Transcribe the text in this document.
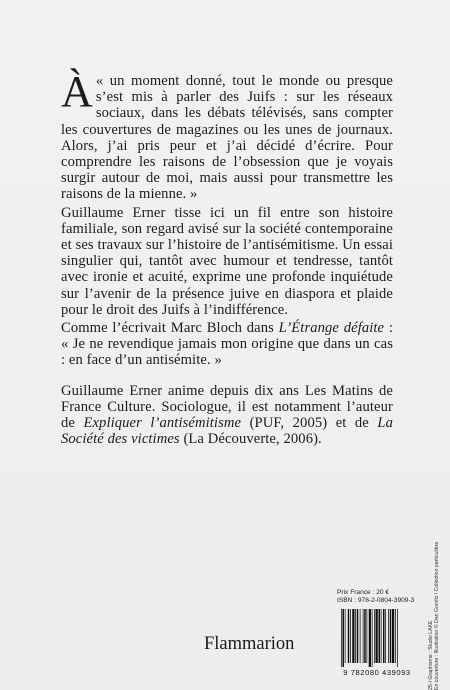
«
À un moment donné, tout le monde ou presque s’est mis à parler des Juifs : sur les réseaux sociaux, dans les débats télévisés, sans compter les couvertures de magazines ou les unes de journaux. Alors, j’ai pris peur et j’ai décidé d’écrire. Pour comprendre les raisons de l’obsession que je voyais surgir autour de moi, mais aussi pour transmettre les raisons de la mienne. »

Guillaume Erner tisse ici un fil entre son histoire familiale, son regard avisé sur la société contemporaine et ses travaux sur l’histoire de l’antisémitisme. Un essai singulier qui, tantôt avec humour et tendresse, tantôt avec ironie et acuité, exprime une profonde inquiétude sur l’avenir de la présence juive en diaspora et plaide pour le droit des Juifs à l’indifférence.

Comme l’écrivait Marc Bloch dans L’Étrange défaite : « Je ne revendique jamais mon origine que dans un cas : en face d’un antisémite. »

Guillaume Erner anime depuis dix ans Les Matins de France Culture. Sociologue, il est notamment l’auteur de Expliquer l’antisémitisme (PUF, 2005) et de La Société des victimes (La Découverte, 2006).

Prix France : 20 €
ISBN : 978-2-0804-3909-3
9 782080 439093
Flammarion	25-I Graphisme : Studio LAKE En couverture : Illustration © Dan Gorvitz / Collection particulière
